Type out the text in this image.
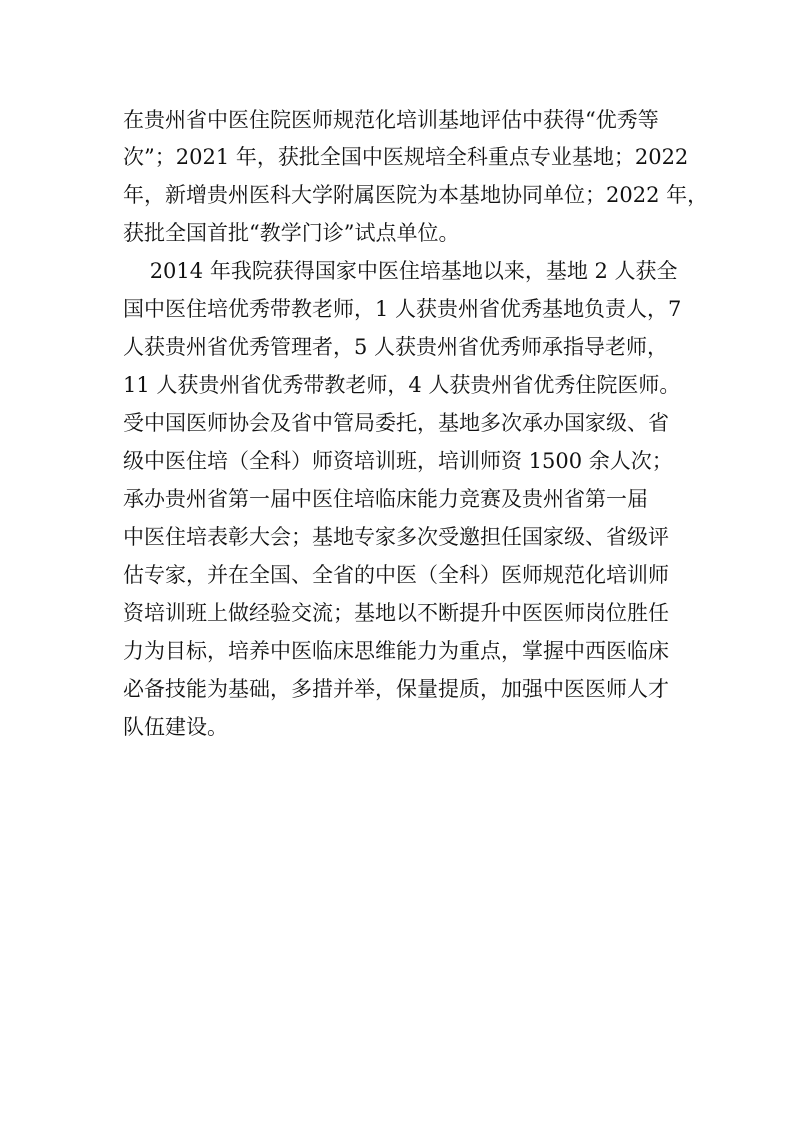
在贵州省中医住院医师规范化培训基地评估中获得“优秀等
次”；2021 年，获批全国中医规培全科重点专业基地；2022
年，新增贵州医科大学附属医院为本基地协同单位；2022 年，
获批全国首批“教学门诊”试点单位。
2014 年我院获得国家中医住培基地以来，基地 2 人获全
国中医住培优秀带教老师，1 人获贵州省优秀基地负责人，7
人获贵州省优秀管理者，5 人获贵州省优秀师承指导老师，
11 人获贵州省优秀带教老师，4 人获贵州省优秀住院医师。
受中国医师协会及省中管局委托，基地多次承办国家级、省
级中医住培（全科）师资培训班，培训师资 1500 余人次；
承办贵州省第一届中医住培临床能力竞赛及贵州省第一届
中医住培表彰大会；基地专家多次受邀担任国家级、省级评
估专家，并在全国、全省的中医（全科）医师规范化培训师
资培训班上做经验交流；基地以不断提升中医医师岗位胜任
力为目标，培养中医临床思维能力为重点，掌握中西医临床
必备技能为基础，多措并举，保量提质，加强中医医师人才
队伍建设。
